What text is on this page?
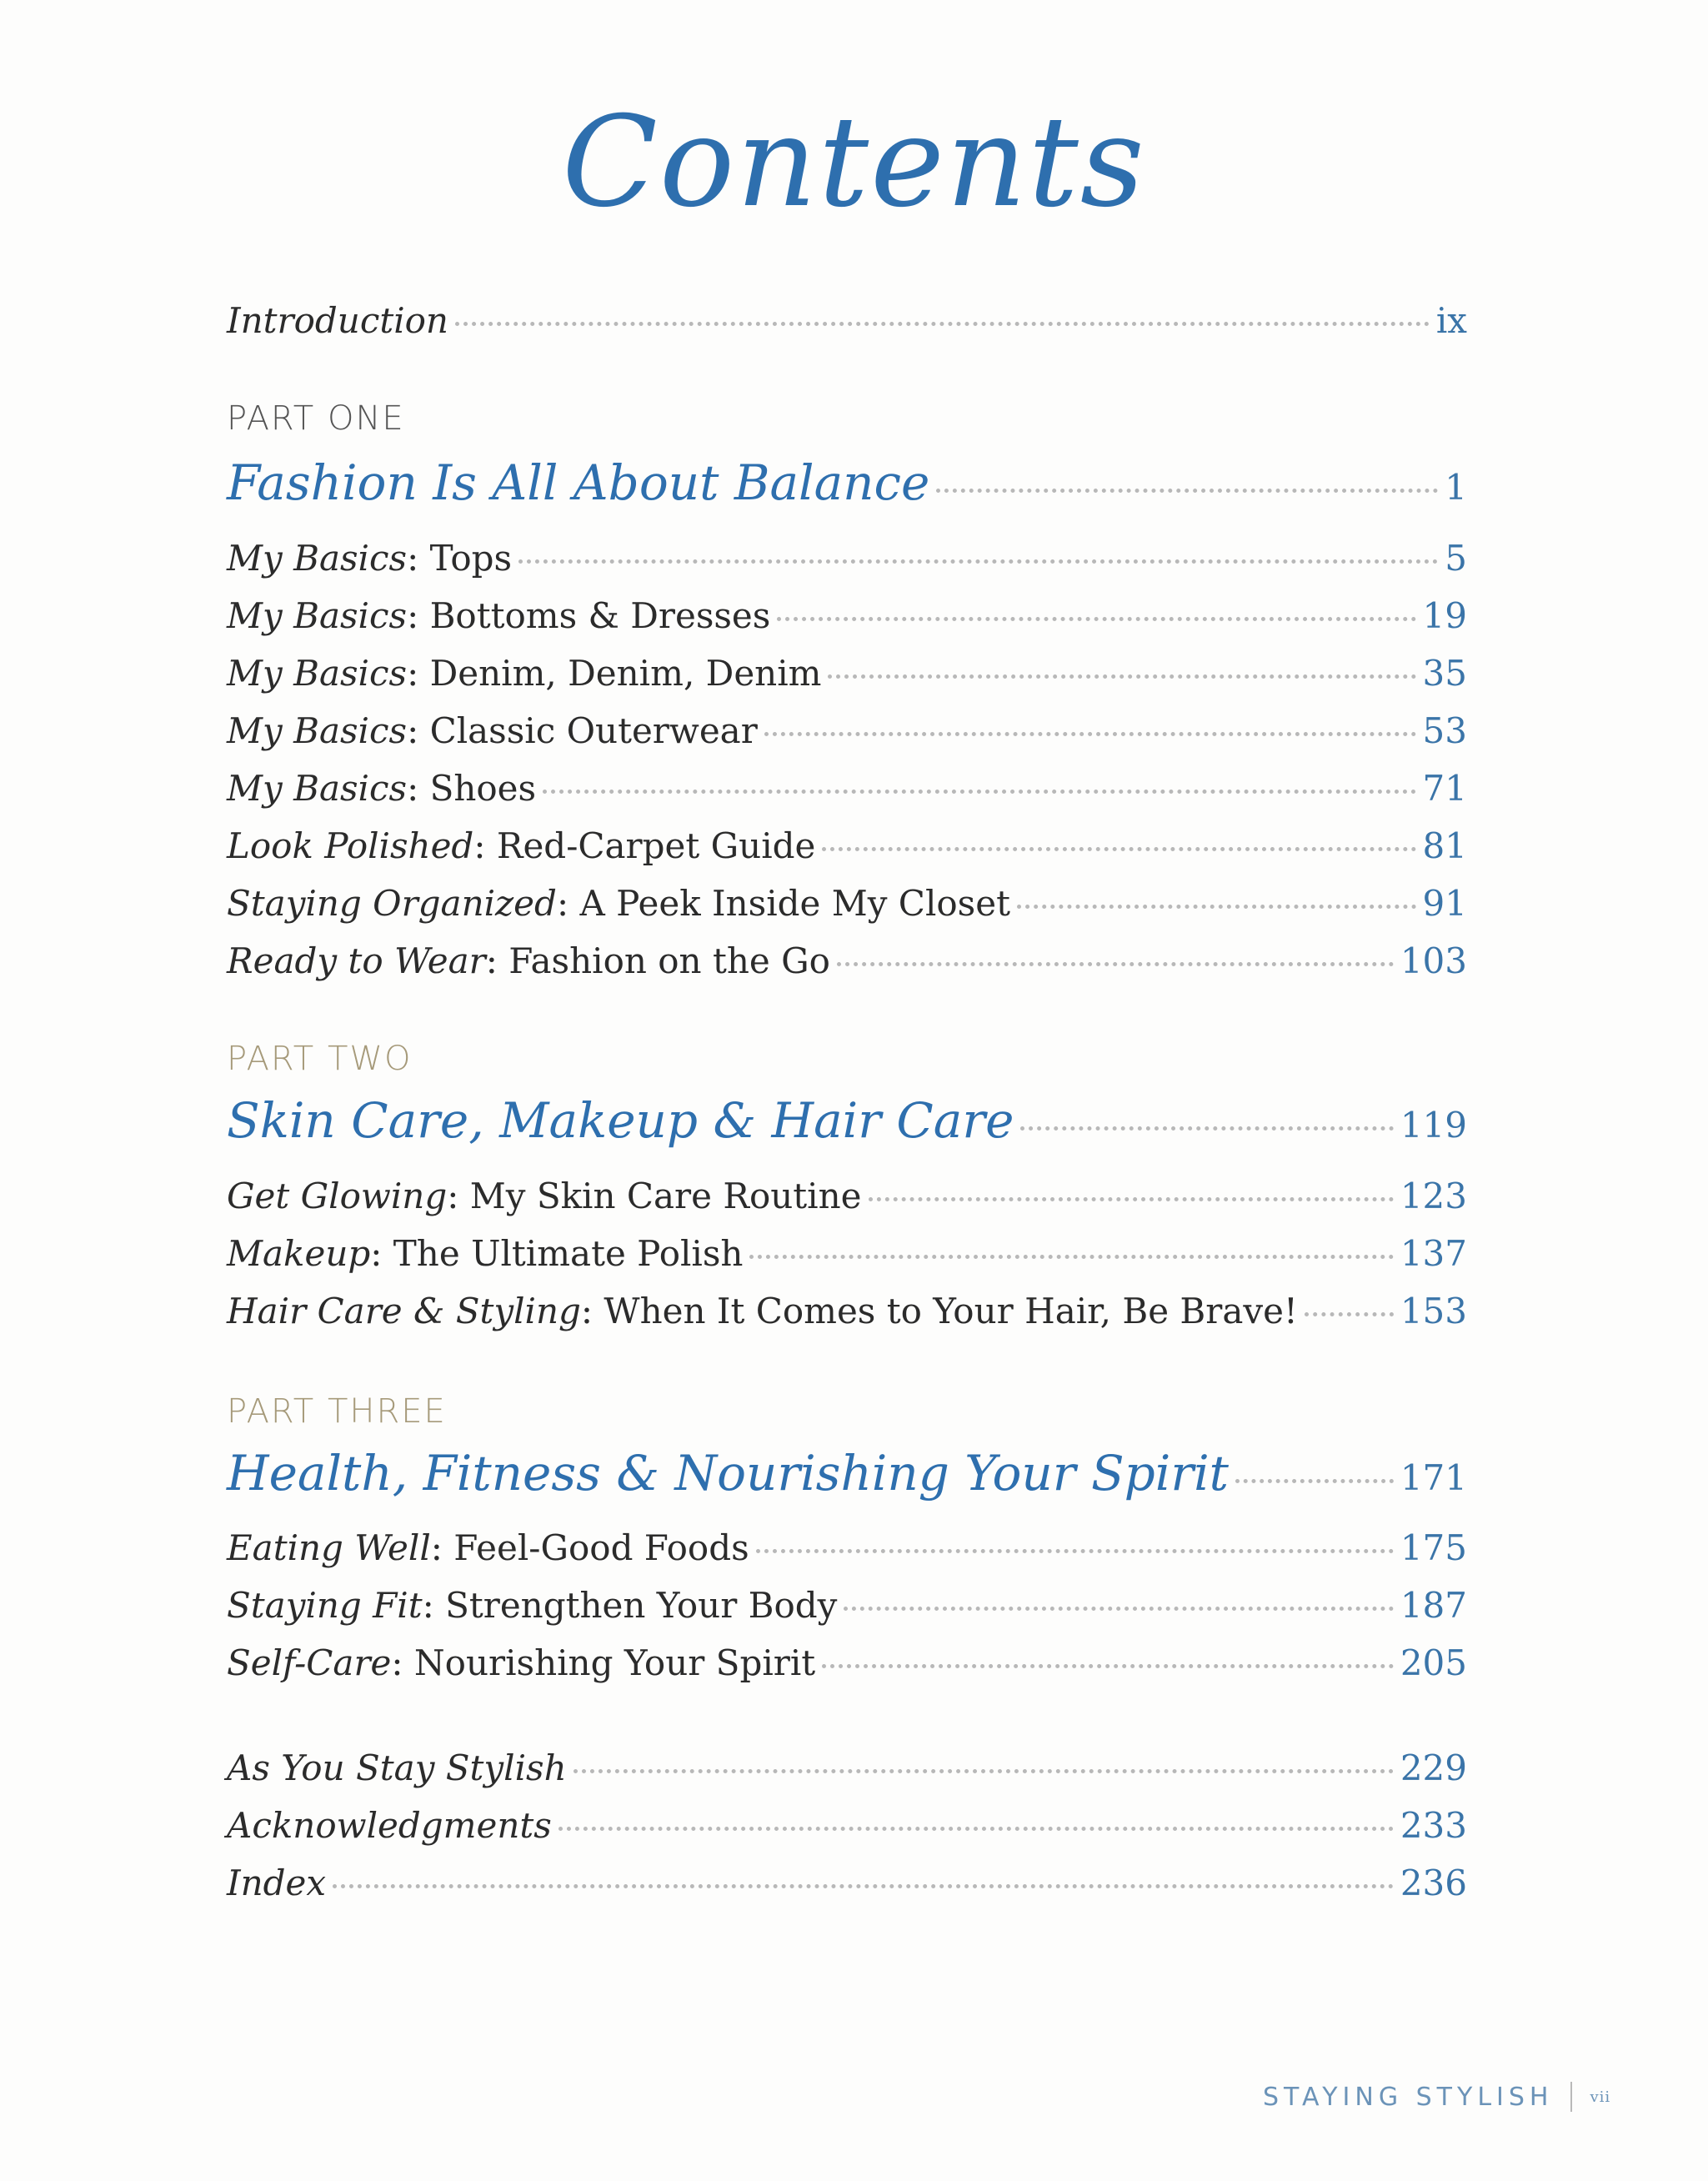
Contents
Introduction	ix
PART ONE
Fashion Is All About Balance	1
My Basics: Tops	5
My Basics: Bottoms & Dresses	19
My Basics: Denim, Denim, Denim	35
My Basics: Classic Outerwear	53
My Basics: Shoes	71
Look Polished: Red-Carpet Guide	81
Staying Organized: A Peek Inside My Closet	91
Ready to Wear: Fashion on the Go	103
PART TWO
Skin Care, Makeup & Hair Care	119
Get Glowing: My Skin Care Routine	123
Makeup: The Ultimate Polish	137
Hair Care & Styling: When It Comes to Your Hair, Be Brave!	153
PART THREE
Health, Fitness & Nourishing Your Spirit	171
Eating Well: Feel-Good Foods	175
Staying Fit: Strengthen Your Body	187
Self-Care: Nourishing Your Spirit	205
As You Stay Stylish	229
Acknowledgments	233
Index	236
STAYING STYLISH vii
